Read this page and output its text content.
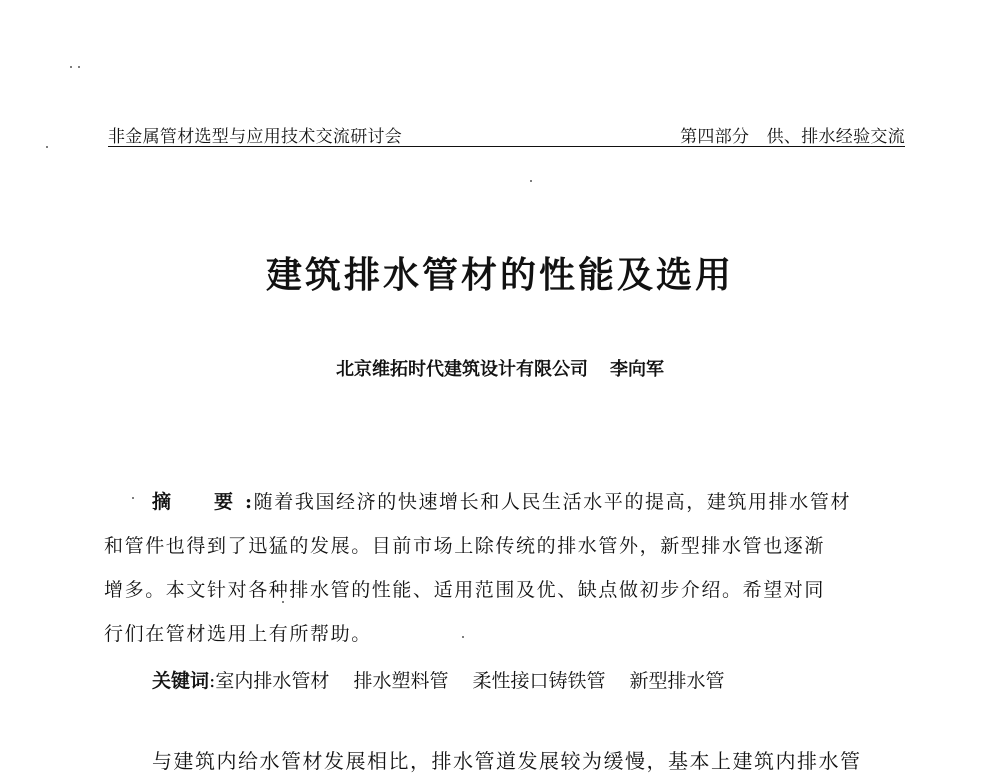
非金属管材选型与应用技术交流研讨会	第四部分　供、排水经验交流
建筑排水管材的性能及选用
北京维拓时代建筑设计有限公司 李向军
摘　要:随着我国经济的快速增长和人民生活水平的提高，建筑用排水管材
和管件也得到了迅猛的发展。目前市场上除传统的排水管外，新型排水管也逐渐
增多。本文针对各种排水管的性能、适用范围及优、缺点做初步介绍。希望对同
行们在管材选用上有所帮助。
关键词:室内排水管材 排水塑料管 柔性接口铸铁管 新型排水管
与建筑内给水管材发展相比，排水管道发展较为缓慢，基本上建筑内排水管
